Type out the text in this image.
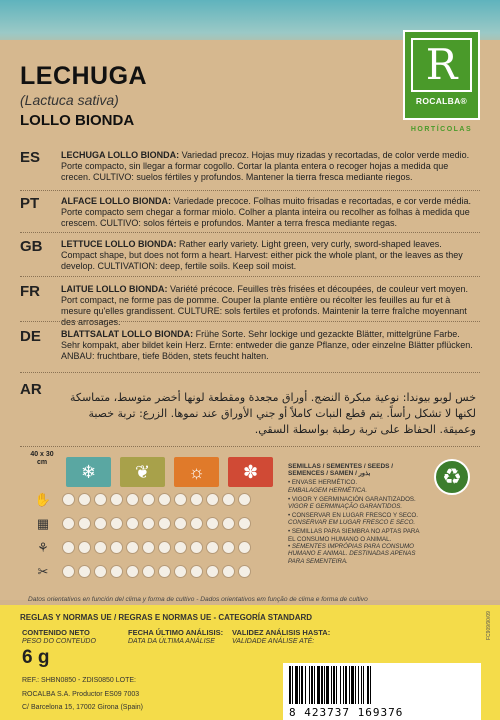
LECHUGA
(Lactuca sativa)
LOLLO BIONDA
R
ROCALBA®
HORTÍCOLAS
ES LECHUGA LOLLO BIONDA: Variedad precoz. Hojas muy rizadas y recortadas, de color verde medio. Porte compacto, sin llegar a formar cogollo. Cortar la planta entera o recoger hojas a medida que crecen. CULTIVO: suelos fértiles y profundos. Mantener la tierra fresca mediante riegos.
PT ALFACE LOLLO BIONDA: Variedade precoce. Folhas muito frisadas e recortadas, e cor verde média. Porte compacto sem chegar a formar miolo. Colher a planta inteira ou recolher as folhas à medida que crescem. CULTIVO: solos férteis e profundos. Manter a terra fresca mediante regas.
GB LETTUCE LOLLO BIONDA: Rather early variety. Light green, very curly, sword-shaped leaves. Compact shape, but does not form a heart. Harvest: either pick the whole plant, or the leaves as they develop. CULTIVATION: deep, fertile soils. Keep soil moist.
FR LAITUE LOLLO BIONDA: Variété précoce. Feuilles très frisées et découpées, de couleur vert moyen. Port compact, ne forme pas de pomme. Couper la plante entière ou récolter les feuilles au fur et à mesure qu'elles grandissent. CULTURE: sols fertiles et profonds. Maintenir la terre fraîche moyennant des arrosages.
DE BLATTSALAT LOLLO BIONDA: Frühe Sorte. Sehr lockige und gezackte Blätter, mittelgrüne Farbe. Sehr kompakt, aber bildet kein Herz. Ernte: entweder die ganze Pflanze, oder einzelne Blätter pflücken. ANBAU: fruchtbare, tiefe Böden, stets feucht halten.
AR	خس لوبو بيوندا: نوعية مبكرة النضج. أوراق مجعدة ومقطعة لونها أخضر متوسط، متماسكة لكنها لا تشكل رأساً. يتم قطع النبات كاملاً أو جني الأوراق عند نموها. الزرع: تربة خصبة وعميقة. الحفاظ على تربة رطبة بواسطة السقي.
40 x 30 cm	❄	❦	☼	✽
✋
▦
⚘
✂

SEMILLAS / SEMENTES / SEEDS / SEMENCES / SAMEN / بذور

• ENVASE HERMÉTICO.
EMBALAGEM HERMÉTICA.

• VIGOR Y GERMINACIÓN GARANTIZADOS.
VIGOR E GERMINAÇÃO GARANTIDOS.

• CONSERVAR EN LUGAR FRESCO Y SECO.
CONSERVAR EM LUGAR FRESCO E SECO.

• SEMILLAS PARA SIEMBRA NO APTAS PARA EL CONSUMO HUMANO O ANIMAL.
• SEMENTES IMPRÓPIAS PARA CONSUMO HUMANO E ANIMAL. DESTINADAS APENAS PARA SEMENTEIRA.

♻
Datos orientativos en función del clima y forma de cultivo - Dados orientativos em função de clima e forma de cultivo
REGLAS Y NORMAS UE / REGRAS E NORMAS UE - CATEGORÍA STANDARD
CONTENIDO NETO
PESO DO CONTEÚDO
6 g
FECHA ÚLTIMO ANÁLISIS:
DATA DA ÚLTIMA ANÁLISE
VALIDEZ ANÁLISIS HASTA:
VALIDADE ANÁLISE ATÉ:
REF.: SHBN0850 - ZDIS0850 LOTE:
ROCALBA S.A. Productor ES09 7003
C/ Barcelona 15, 17002 Girona (Spain)	8 423737 169376
FC909/90/09
